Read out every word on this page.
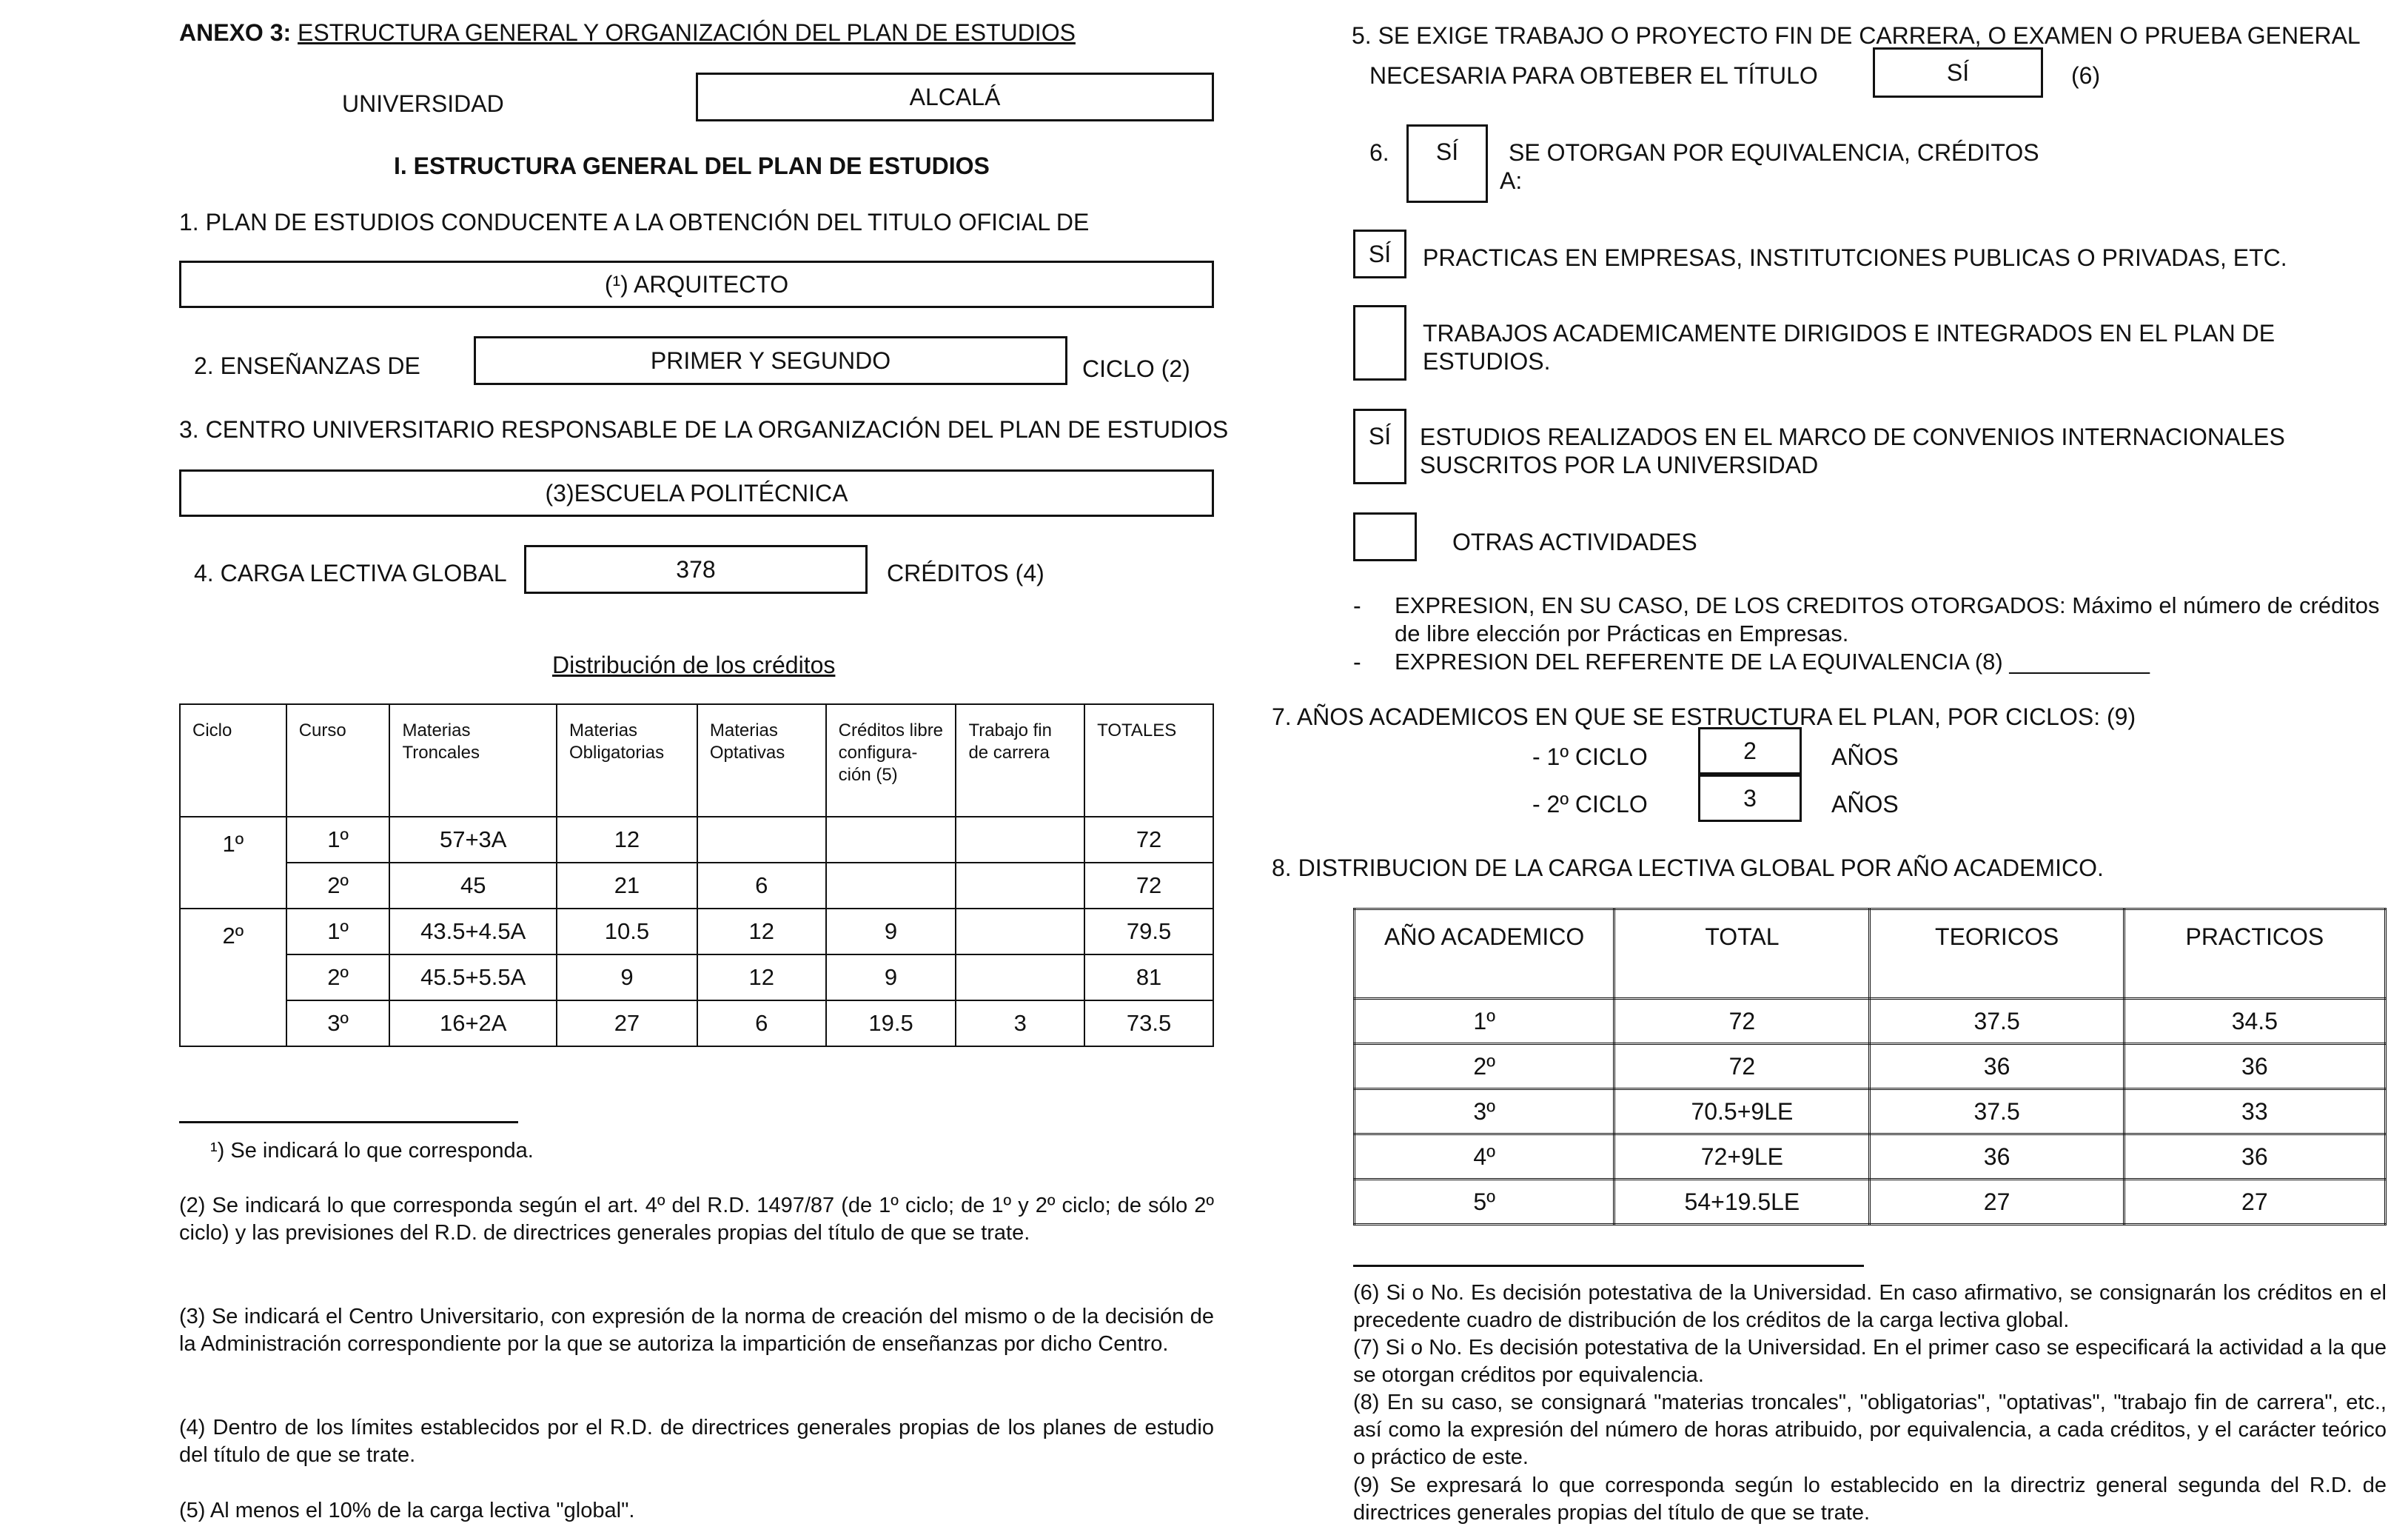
ANEXO 3: ESTRUCTURA GENERAL Y ORGANIZACIÓN DEL PLAN DE ESTUDIOS
UNIVERSIDAD	ALCALÁ
I. ESTRUCTURA GENERAL DEL PLAN DE ESTUDIOS
1. PLAN DE ESTUDIOS CONDUCENTE A LA OBTENCIÓN DEL TITULO OFICIAL DE
(¹) ARQUITECTO
2. ENSEÑANZAS DE	PRIMER Y SEGUNDO	CICLO (2)
3. CENTRO UNIVERSITARIO RESPONSABLE DE LA ORGANIZACIÓN DEL PLAN DE ESTUDIOS
(3)ESCUELA POLITÉCNICA
4. CARGA LECTIVA GLOBAL	378	CRÉDITOS (4)
Distribución de los créditos
Ciclo	Curso	Materias Troncales	Materias Obligatorias	Materias Optativas	Créditos libre configura-ción (5)	Trabajo fin de carrera	TOTALES
1º	1º	57+3A	12				72
	2º	45	21	6			72
2º	1º	43.5+4.5A	10.5	12	9		79.5
	2º	45.5+5.5A	9	12	9		81
	3º	16+2A	27	6	19.5	3	73.5
¹) Se indicará lo que corresponda.
(2) Se indicará lo que corresponda según el art. 4º del R.D. 1497/87 (de 1º ciclo; de 1º y 2º ciclo; de sólo 2º ciclo) y las previsiones del R.D. de directrices generales propias del título de que se trate.
(3) Se indicará el Centro Universitario, con expresión de la norma de creación del mismo o de la decisión de la Administración correspondiente por la que se autoriza la impartición de enseñanzas por dicho Centro.
(4) Dentro de los límites establecidos por el R.D. de directrices generales propias de los planes de estudio del título de que se trate.
(5) Al menos el 10% de la carga lectiva "global".
5. SE EXIGE TRABAJO O PROYECTO FIN DE CARRERA, O EXAMEN O PRUEBA GENERAL
NECESARIA PARA OBTEBER EL TÍTULO	SÍ	(6)
6.	SÍ	SE OTORGAN POR EQUIVALENCIA, CRÉDITOS
A:
SÍ	PRACTICAS EN EMPRESAS, INSTITUTCIONES PUBLICAS O PRIVADAS, ETC.
TRABAJOS ACADEMICAMENTE DIRIGIDOS E INTEGRADOS EN EL PLAN DE
ESTUDIOS.
SÍ	ESTUDIOS REALIZADOS EN EL MARCO DE CONVENIOS INTERNACIONALES
SUSCRITOS POR LA UNIVERSIDAD
OTRAS ACTIVIDADES
- EXPRESION, EN SU CASO, DE LOS CREDITOS OTORGADOS: Máximo el número de créditos
de libre elección por Prácticas en Empresas.
- EXPRESION DEL REFERENTE DE LA EQUIVALENCIA (8) ___________
7. AÑOS ACADEMICOS EN QUE SE ESTRUCTURA EL PLAN, POR CICLOS: (9)
- 1º CICLO	2	AÑOS
- 2º CICLO	3	AÑOS
8. DISTRIBUCION DE LA CARGA LECTIVA GLOBAL POR AÑO ACADEMICO.
AÑO ACADEMICO	TOTAL	TEORICOS	PRACTICOS
1º	72	37.5	34.5
2º	72	36	36
3º	70.5+9LE	37.5	33
4º	72+9LE	36	36
5º	54+19.5LE	27	27
(6) Si o No. Es decisión potestativa de la Universidad. En caso afirmativo, se consignarán los créditos en el precedente cuadro de distribución de los créditos de la carga lectiva global.
(7) Si o No. Es decisión potestativa de la Universidad. En el primer caso se especificará la actividad a la que se otorgan créditos por equivalencia.
(8) En su caso, se consignará "materias troncales", "obligatorias", "optativas", "trabajo fin de carrera", etc., así como la expresión del número de horas atribuido, por equivalencia, a cada créditos, y el carácter teórico o práctico de este.
(9) Se expresará lo que corresponda según lo establecido en la directriz general segunda del R.D. de directrices generales propias del título de que se trate.
